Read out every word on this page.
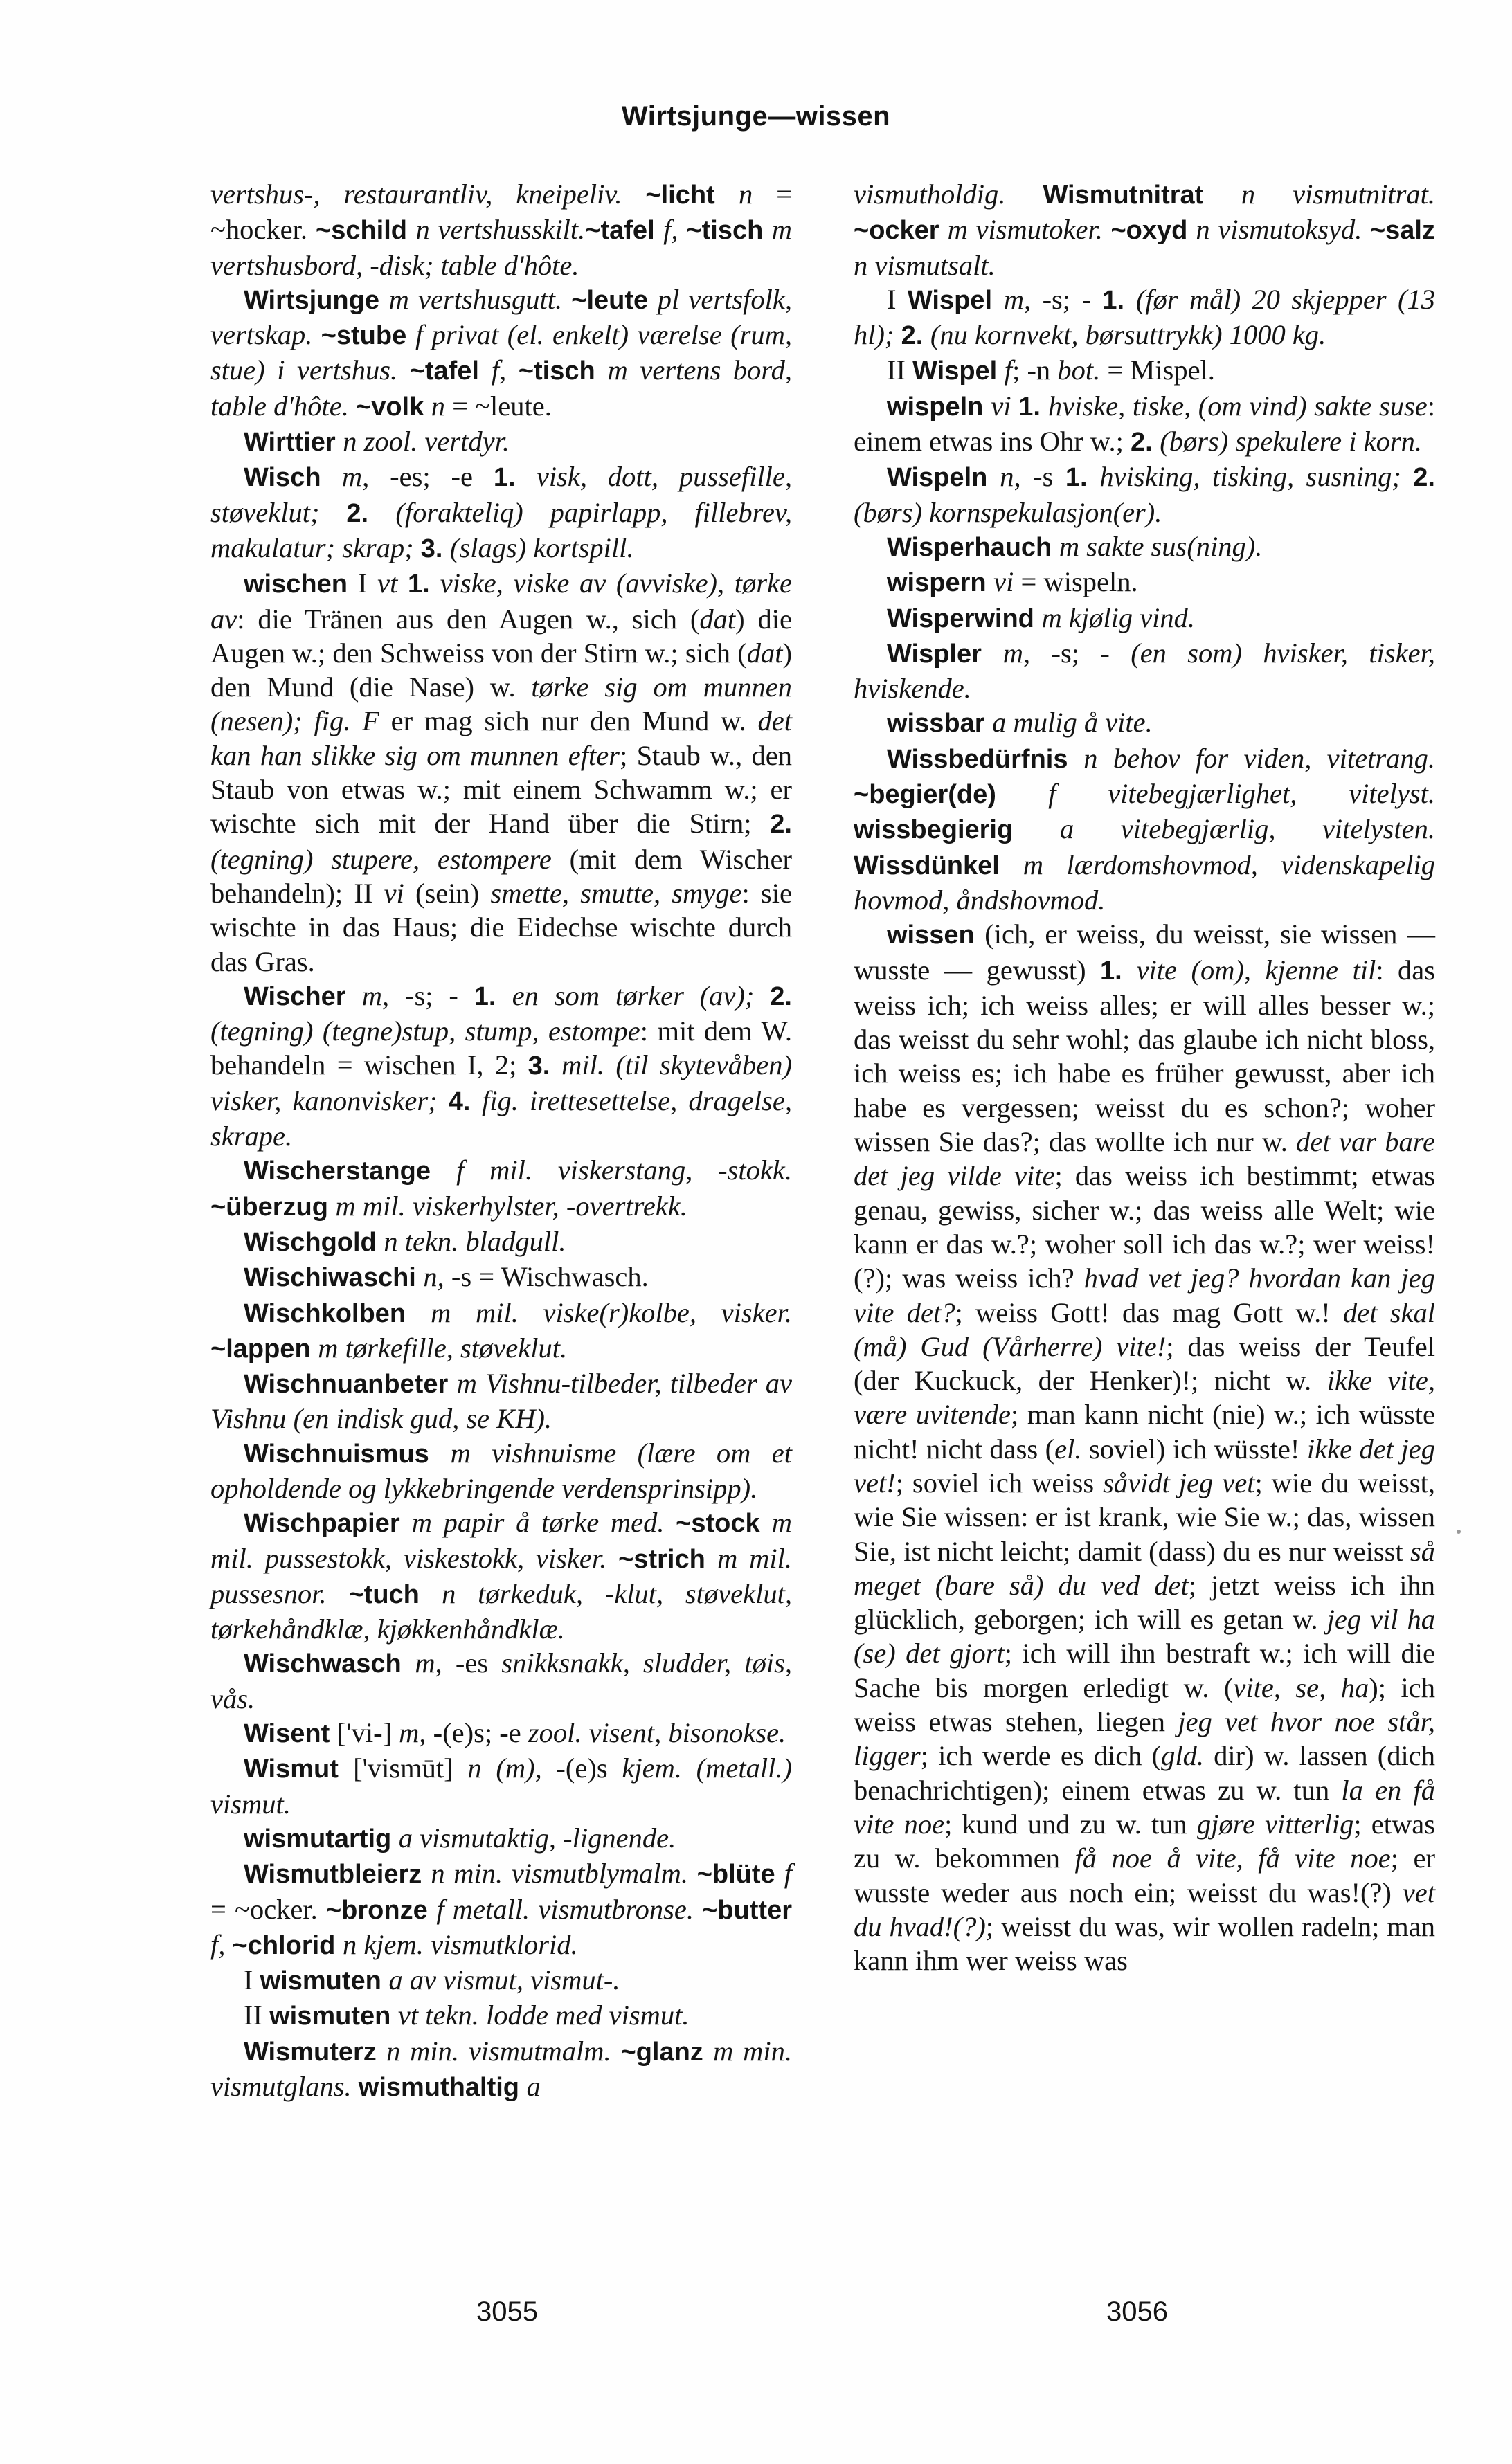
Wirtsjunge—wissen

vertshus-, restaurantliv, kneipeliv. ~licht n = ~hocker. ~schild n vertshusskilt.~tafel f, ~tisch m vertshusbord, -disk; table d'hôte.

Wirtsjunge m vertshusgutt. ~leute pl vertsfolk, vertskap. ~stube f privat (el. enkelt) værelse (rum, stue) i vertshus. ~tafel f, ~tisch m vertens bord, table d'hôte. ~volk n = ~leute.

Wirttier n zool. vertdyr.

Wisch m, -es; -e 1. visk, dott, pussefille, støveklut; 2. (forakteliq) papirlapp, fillebrev, makulatur; skrap; 3. (slags) kortspill.

wischen I vt 1. viske, viske av (avviske), tørke av: die Tränen aus den Augen w., sich (dat) die Augen w.; den Schweiss von der Stirn w.; sich (dat) den Mund (die Nase) w. tørke sig om munnen (nesen); fig. F er mag sich nur den Mund w. det kan han slikke sig om munnen efter; Staub w., den Staub von etwas w.; mit einem Schwamm w.; er wischte sich mit der Hand über die Stirn; 2. (tegning) stupere, estompere (mit dem Wischer behandeln); II vi (sein) smette, smutte, smyge: sie wischte in das Haus; die Eidechse wischte durch das Gras.

Wischer m, -s; - 1. en som tørker (av); 2. (tegning) (tegne)stup, stump, estompe: mit dem W. behandeln = wischen I, 2; 3. mil. (til skytevåben) visker, kanonvisker; 4. fig. irettesettelse, dragelse, skrape.

Wischerstange f mil. viskerstang, -stokk. ~überzug m mil. viskerhylster, -overtrekk.

Wischgold n tekn. bladgull.

Wischiwaschi n, -s = Wischwasch.

Wischkolben m mil. viske(r)kolbe, visker. ~lappen m tørkefille, støveklut.

Wischnuanbeter m Vishnu-tilbeder, tilbeder av Vishnu (en indisk gud, se KH).

Wischnuismus m vishnuisme (lære om et opholdende og lykkebringende verdensprinsipp).

Wischpapier m papir å tørke med. ~stock m mil. pussestokk, viskestokk, visker. ~strich m mil. pussesnor. ~tuch n tørkeduk, -klut, støveklut, tørkehåndklæ, kjøkkenhåndklæ.

Wischwasch m, -es snikksnakk, sludder, tøis, vås.

Wisent ['vi-] m, -(e)s; -e zool. visent, bisonokse.

Wismut ['vismūt] n (m), -(e)s kjem. (metall.) vismut.

wismutartig a vismutaktig, -lignende.

Wismutbleierz n min. vismutblymalm. ~blüte f = ~ocker. ~bronze f metall. vismutbronse. ~butter f, ~chlorid n kjem. vismutklorid.

I wismuten a av vismut, vismut-.

II wismuten vt tekn. lodde med vismut.

Wismuterz n min. vismutmalm. ~glanz m min. vismutglans. wismuthaltig a

vismutholdig. Wismutnitrat n vismutnitrat. ~ocker m vismutoker. ~oxyd n vismutoksyd. ~salz n vismutsalt.

I Wispel m, -s; - 1. (før mål) 20 skjepper (13 hl); 2. (nu kornvekt, børsuttrykk) 1000 kg.

II Wispel f; -n bot. = Mispel.

wispeln vi 1. hviske, tiske, (om vind) sakte suse: einem etwas ins Ohr w.; 2. (børs) spekulere i korn.

Wispeln n, -s 1. hvisking, tisking, susning; 2. (børs) kornspekulasjon(er).

Wisperhauch m sakte sus(ning).

wispern vi = wispeln.

Wisperwind m kjølig vind.

Wispler m, -s; - (en som) hvisker, tisker, hviskende.

wissbar a mulig å vite.

Wissbedürfnis n behov for viden, vitetrang. ~begier(de) f vitebegjærlighet, vitelyst. wissbegierig a vitebegjærlig, vitelysten. Wissdünkel m lærdomshovmod, videnskapelig hovmod, åndshovmod.

wissen (ich, er weiss, du weisst, sie wissen — wusste — gewusst) 1. vite (om), kjenne til: das weiss ich; ich weiss alles; er will alles besser w.; das weisst du sehr wohl; das glaube ich nicht bloss, ich weiss es; ich habe es früher gewusst, aber ich habe es vergessen; weisst du es schon?; woher wissen Sie das?; das wollte ich nur w. det var bare det jeg vilde vite; das weiss ich bestimmt; etwas genau, gewiss, sicher w.; das weiss alle Welt; wie kann er das w.?; woher soll ich das w.?; wer weiss!(?); was weiss ich? hvad vet jeg? hvordan kan jeg vite det?; weiss Gott! das mag Gott w.! det skal (må) Gud (Vårherre) vite!; das weiss der Teufel (der Kuckuck, der Henker)!; nicht w. ikke vite, være uvitende; man kann nicht (nie) w.; ich wüsste nicht! nicht dass (el. soviel) ich wüsste! ikke det jeg vet!; soviel ich weiss såvidt jeg vet; wie du weisst, wie Sie wissen: er ist krank, wie Sie w.; das, wissen Sie, ist nicht leicht; damit (dass) du es nur weisst så meget (bare så) du ved det; jetzt weiss ich ihn glücklich, geborgen; ich will es getan w. jeg vil ha (se) det gjort; ich will ihn bestraft w.; ich will die Sache bis morgen erledigt w. (vite, se, ha); ich weiss etwas stehen, liegen jeg vet hvor noe står, ligger; ich werde es dich (gld. dir) w. lassen (dich benachrichtigen); einem etwas zu w. tun la en få vite noe; kund und zu w. tun gjøre vitterlig; etwas zu w. bekommen få noe å vite, få vite noe; er wusste weder aus noch ein; weisst du was!(?) vet du hvad!(?); weisst du was, wir wollen radeln; man kann ihm wer weiss was

3055	3056
